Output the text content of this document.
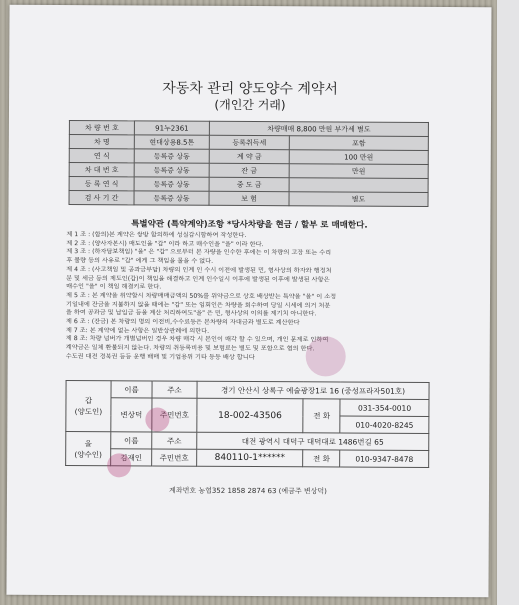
자동차 관리 양도양수 계약서
(개인간 거래)
차 량 번 호	91누2361	차량매매 8,800 만원 부가세 별도	
차 명	현대상용8.5톤	등록취득세	포함
연 식	등록증 상동	계 약 금	100 만원
차 대 번 호	등록증 상동	잔 금	만원
등 록 연 식	등록증 상동	중 도 금	
검 사 기 간	등록증 상동	보 험	별도
특별약관 (특약계약)조항 *당사차량을 현금 / 할부 로 매매한다.
제 1 조 : (합의)본 계약은 쌍방 합의하에 성실감시함하여 작성한다.
제 2 조 : (양사자본시) 매도인을 "갑" 이라 하고 매수인을 "을" 이라 한다.
제 3 조 : (하자담보책임) "을" 은 "갑" 으로부터 본 자량을 인수한 후에는 이 차량의 고장 또는 수리
후 불량 등의 사유로 "갑" 에게 그 책임을 물을 수 없다.
제 4 조 : (사고책임 및 공과금부담) 차량의 인계 인 수시 이전에 발생된 민, 형사상의 하자와 행정처
분 및 세금 등의 제도인(갑)이 책임을 해결하고 인계 인수일시 이후에 발생된 이후에 발생된 사항은
매수인 "을" 이 책임 해결키로 한다.
제 5 조 : 본 계약을 위약할시 차량매매금액의 50%를 위약금으로 상호 배상받는 특약을 "을" 이 소정
기일내에 잔금을 지불하지 않을 때에는 "갑" 또는 임회인은 차량을 회수하여 당일 시세에 의거 처분
을 하여 공과금 및 납입금 등을 계산 처리하여도"을" 은 민, 형사상의 이의를 제기치 아니한다.
제 6 조 : (잔금) 본 차량의 명의 이전비,수수료등은 본차량의 자대금과 별도로 계산한다
제 7 조: 본 계약에 없는 사항은 일반상관례에 의한다.
제 8 조: 차량 넘버가 개별넘버인 경우 차량 매각 시 본인이 매각 할 수 있으며, 개인 문제로 인하여
계약금은 일체 환불되지 않는다. 차량의 취등록비용 및 보험료는 별도 및 포함으로 협의 한다.
수도권 대전 경북권 등등 운행 배매 및 기업용위 기타 등등 배상 합니다
갑
(양도인)	이름	주소	경기 안산시 상록구 예술광장1로 16 (중성프라자501호)		
	변상덕	주민번호	18-002-43506	전 화	031-354-0010
					010-4020-8245

을
(양수인)	이름	주소	대전 광역시 대덕구 대덕대로 1486번길 65		
	김재인	주민번호	840110-1******	전 화	010-9347-8478
계좌번호 농협352 1858 2874 63 (예금주 변상덕)
